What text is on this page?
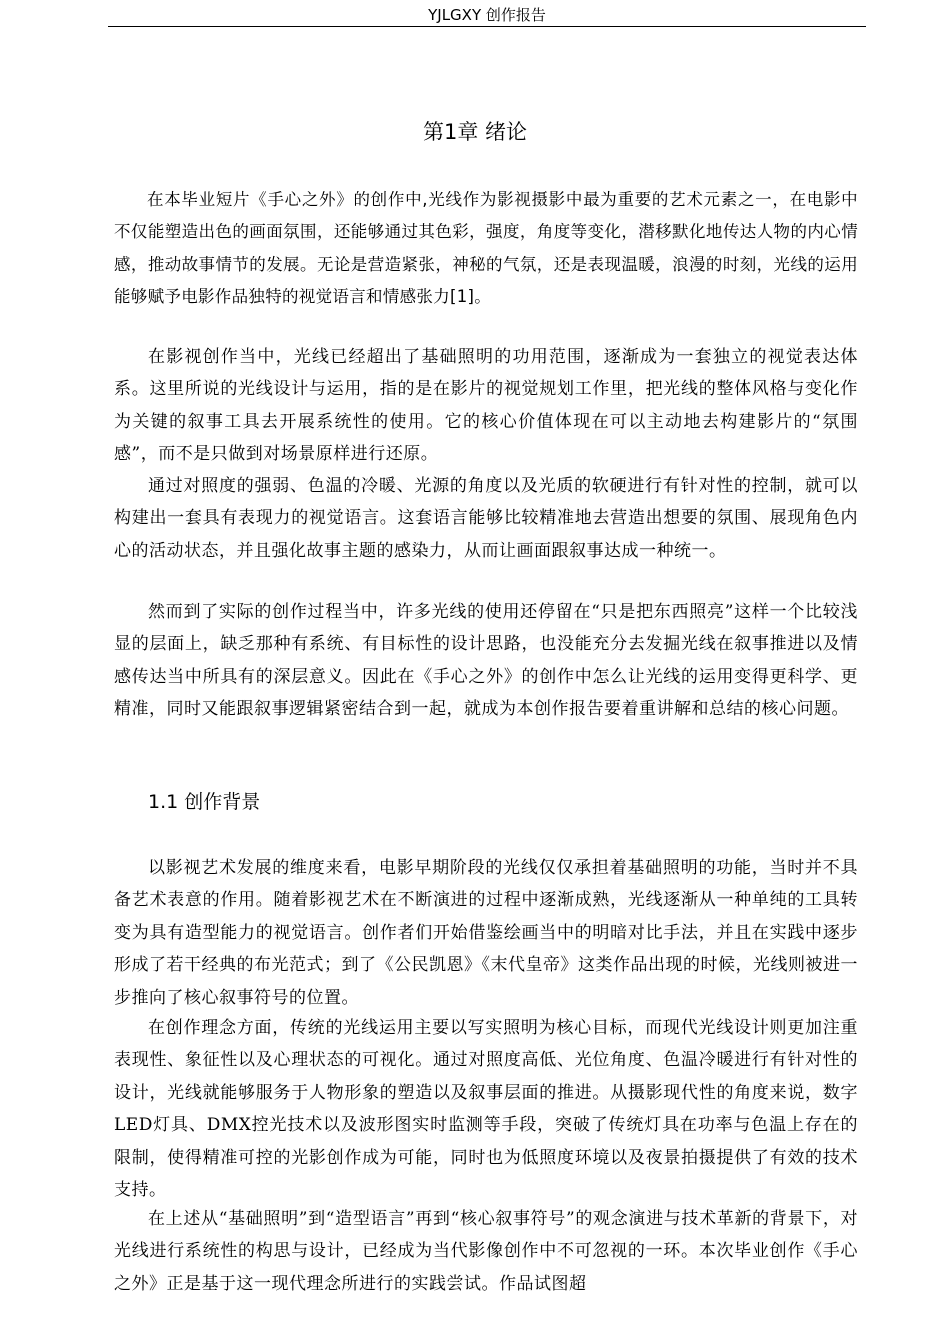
YJLGXY 创作报告
第1章 绪论

在本毕业短片《手心之外》的创作中,光线作为影视摄影中最为重要的艺术元素之一，在电影中不仅能塑造出色的画面氛围，还能够通过其色彩，强度，角度等变化，潜移默化地传达人物的内心情感，推动故事情节的发展。无论是营造紧张，神秘的气氛，还是表现温暖，浪漫的时刻，光线的运用能够赋予电影作品独特的视觉语言和情感张力[1]。

在影视创作当中，光线已经超出了基础照明的功用范围，逐渐成为一套独立的视觉表达体系。这里所说的光线设计与运用，指的是在影片的视觉规划工作里，把光线的整体风格与变化作为关键的叙事工具去开展系统性的使用。它的核心价值体现在可以主动地去构建影片的“氛围感”，而不是只做到对场景原样进行还原。

通过对照度的强弱、色温的冷暖、光源的角度以及光质的软硬进行有针对性的控制，就可以构建出一套具有表现力的视觉语言。这套语言能够比较精准地去营造出想要的氛围、展现角色内心的活动状态，并且强化故事主题的感染力，从而让画面跟叙事达成一种统一。

然而到了实际的创作过程当中，许多光线的使用还停留在“只是把东西照亮”这样一个比较浅显的层面上，缺乏那种有系统、有目标性的设计思路，也没能充分去发掘光线在叙事推进以及情感传达当中所具有的深层意义。因此在《手心之外》的创作中怎么让光线的运用变得更科学、更精准，同时又能跟叙事逻辑紧密结合到一起，就成为本创作报告要着重讲解和总结的核心问题。

1.1 创作背景

以影视艺术发展的维度来看，电影早期阶段的光线仅仅承担着基础照明的功能，当时并不具备艺术表意的作用。随着影视艺术在不断演进的过程中逐渐成熟，光线逐渐从一种单纯的工具转变为具有造型能力的视觉语言。创作者们开始借鉴绘画当中的明暗对比手法，并且在实践中逐步形成了若干经典的布光范式；到了《公民凯恩》《末代皇帝》这类作品出现的时候，光线则被进一步推向了核心叙事符号的位置。

在创作理念方面，传统的光线运用主要以写实照明为核心目标，而现代光线设计则更加注重表现性、象征性以及心理状态的可视化。通过对照度高低、光位角度、色温冷暖进行有针对性的设计，光线就能够服务于人物形象的塑造以及叙事层面的推进。从摄影现代性的角度来说，数字LED灯具、DMX控光技术以及波形图实时监测等手段，突破了传统灯具在功率与色温上存在的限制，使得精准可控的光影创作成为可能，同时也为低照度环境以及夜景拍摄提供了有效的技术支持。

在上述从“基础照明”到“造型语言”再到“核心叙事符号”的观念演进与技术革新的背景下，对光线进行系统性的构思与设计，已经成为当代影像创作中不可忽视的一环。本次毕业创作《手心之外》正是基于这一现代理念所进行的实践尝试。作品试图超
